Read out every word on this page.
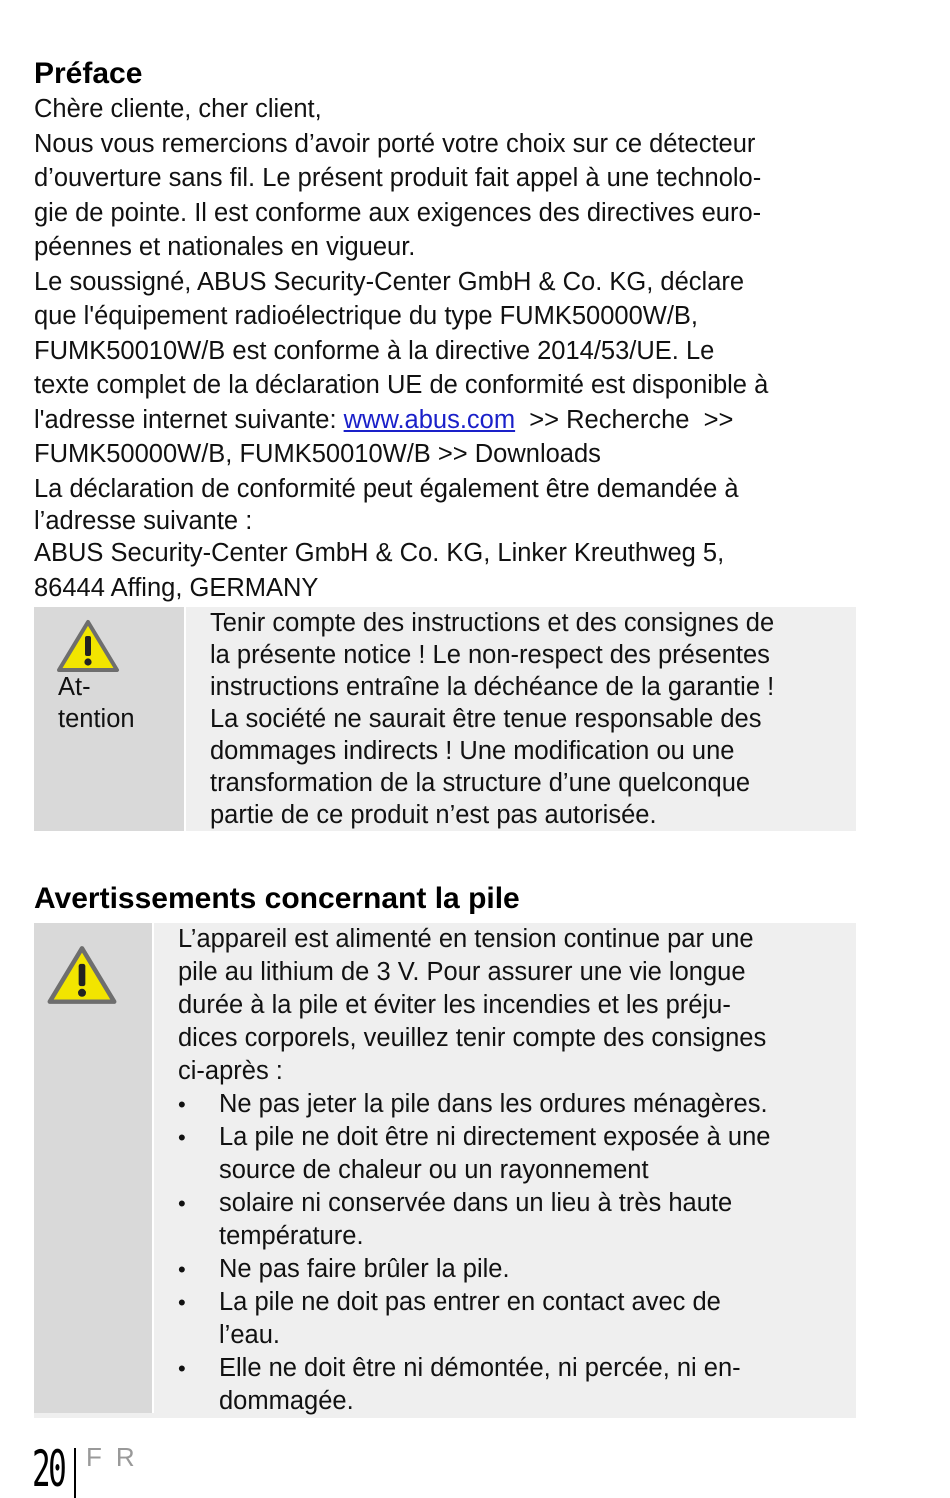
Préface
Chère cliente, cher client,
Nous vous remercions d’avoir porté votre choix sur ce détecteur
d’ouverture sans fil. Le présent produit fait appel à une technolo-
gie de pointe. Il est conforme aux exigences des directives euro-
péennes et nationales en vigueur.
Le soussigné, ABUS Security-Center GmbH & Co. KG, déclare
que l'équipement radioélectrique du type FUMK50000W/B,
FUMK50010W/B est conforme à la directive 2014/53/UE. Le
texte complet de la déclaration UE de conformité est disponible à
l'adresse internet suivante: www.abus.com  >> Recherche  >>
FUMK50000W/B, FUMK50010W/B >> Downloads
La déclaration de conformité peut également être demandée à
l’adresse suivante :
ABUS Security-Center GmbH & Co. KG, Linker Kreuthweg 5,
86444 Affing, GERMANY
At-
tention
Tenir compte des instructions et des consignes de
la présente notice ! Le non-respect des présentes
instructions entraîne la déchéance de la garantie !
La société ne saurait être tenue responsable des
dommages indirects ! Une modification ou une
transformation de la structure d’une quelconque
partie de ce produit n’est pas autorisée.
Avertissements concernant la pile
L’appareil est alimenté en tension continue par une
pile au lithium de 3 V. Pour assurer une vie longue
durée à la pile et éviter les incendies et les préju-
dices corporels, veuillez tenir compte des consignes
ci-après :
• Ne pas jeter la pile dans les ordures ménagères.
• La pile ne doit être ni directement exposée à une
source de chaleur ou un rayonnement
• solaire ni conservée dans un lieu à très haute
température.
• Ne pas faire brûler la pile.
• La pile ne doit pas entrer en contact avec de
l’eau.
• Elle ne doit être ni démontée, ni percée, ni en-
dommagée.
20 FR
